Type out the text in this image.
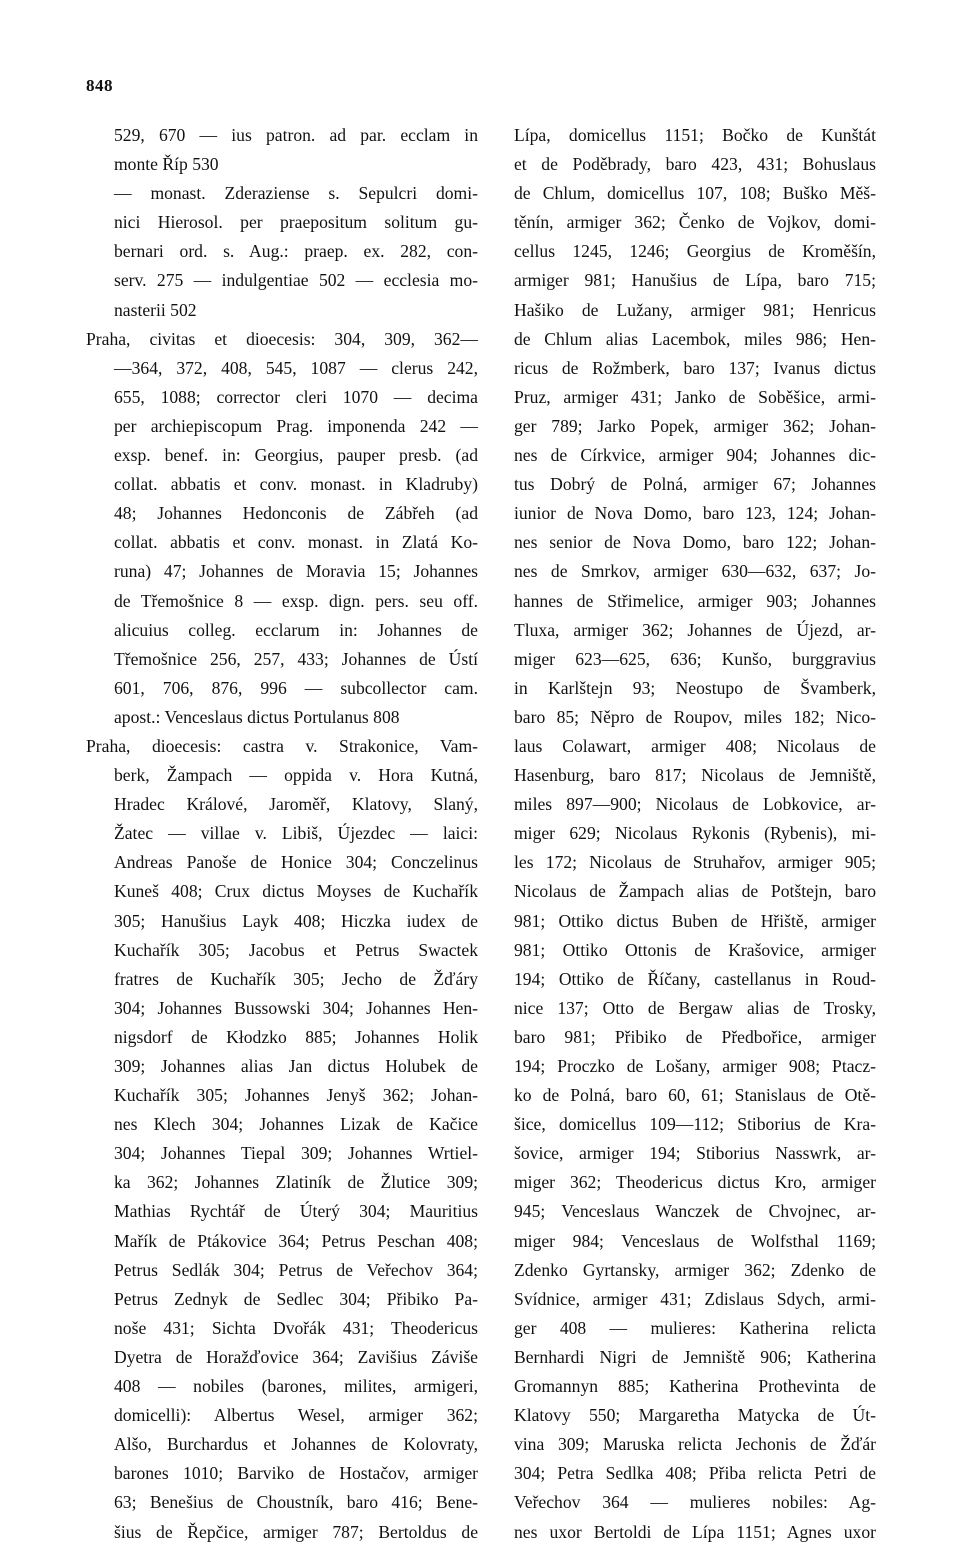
848
529, 670 — ius patron. ad par. ecclam in
monte Říp 530
— monast. Zderaziense s. Sepulcri domi-
nici Hierosol. per praepositum solitum gu-
bernari ord. s. Aug.: praep. ex. 282, con-
serv. 275 — indulgentiae 502 — ecclesia mo-
nasterii 502
Praha, civitas et dioecesis: 304, 309, 362—
—364, 372, 408, 545, 1087 — clerus 242,
655, 1088; corrector cleri 1070 — decima
per archiepiscopum Prag. imponenda 242 —
exsp. benef. in: Georgius, pauper presb. (ad
collat. abbatis et conv. monast. in Kladruby)
48; Johannes Hedonconis de Zábřeh (ad
collat. abbatis et conv. monast. in Zlatá Ko-
runa) 47; Johannes de Moravia 15; Johannes
de Třemošnice 8 — exsp. dign. pers. seu off.
alicuius colleg. ecclarum in: Johannes de
Třemošnice 256, 257, 433; Johannes de Ústí
601, 706, 876, 996 — subcollector cam.
apost.: Venceslaus dictus Portulanus 808
Praha, dioecesis: castra v. Strakonice, Vam-
berk, Žampach — oppida v. Hora Kutná,
Hradec Králové, Jaroměř, Klatovy, Slaný,
Žatec — villae v. Libiš, Újezdec — laici:
Andreas Panoše de Honice 304; Conczelinus
Kuneš 408; Crux dictus Moyses de Kuchařík
305; Hanušius Layk 408; Hiczka iudex de
Kuchařík 305; Jacobus et Petrus Swactek
fratres de Kuchařík 305; Jecho de Žďáry
304; Johannes Bussowski 304; Johannes Hen-
nigsdorf de Kłodzko 885; Johannes Holik
309; Johannes alias Jan dictus Holubek de
Kuchařík 305; Johannes Jenyš 362; Johan-
nes Klech 304; Johannes Lizak de Kačice
304; Johannes Tiepal 309; Johannes Wrtiel-
ka 362; Johannes Zlatiník de Žlutice 309;
Mathias Rychtář de Úterý 304; Mauritius
Mařík de Ptákovice 364; Petrus Peschan 408;
Petrus Sedlák 304; Petrus de Veřechov 364;
Petrus Zednyk de Sedlec 304; Přibiko Pa-
noše 431; Sichta Dvořák 431; Theodericus
Dyetra de Horažďovice 364; Zavišius Záviše
408 — nobiles (barones, milites, armigeri,
domicelli): Albertus Wesel, armiger 362;
Alšo, Burchardus et Johannes de Kolovraty,
barones 1010; Barviko de Hostačov, armiger
63; Benešius de Choustník, baro 416; Bene-
šius de Řepčice, armiger 787; Bertoldus de
Lípa, domicellus 1151; Bočko de Kunštát
et de Poděbrady, baro 423, 431; Bohuslaus
de Chlum, domicellus 107, 108; Buško Měš-
těnín, armiger 362; Čenko de Vojkov, domi-
cellus 1245, 1246; Georgius de Kroměšín,
armiger 981; Hanušius de Lípa, baro 715;
Hašiko de Lužany, armiger 981; Henricus
de Chlum alias Lacembok, miles 986; Hen-
ricus de Rožmberk, baro 137; Ivanus dictus
Pruz, armiger 431; Janko de Soběšice, armi-
ger 789; Jarko Popek, armiger 362; Johan-
nes de Církvice, armiger 904; Johannes dic-
tus Dobrý de Polná, armiger 67; Johannes
iunior de Nova Domo, baro 123, 124; Johan-
nes senior de Nova Domo, baro 122; Johan-
nes de Smrkov, armiger 630—632, 637; Jo-
hannes de Střimelice, armiger 903; Johannes
Tluxa, armiger 362; Johannes de Újezd, ar-
miger 623—625, 636; Kunšo, burggravius
in Karlštejn 93; Neostupo de Švamberk,
baro 85; Něpro de Roupov, miles 182; Nico-
laus Colawart, armiger 408; Nicolaus de
Hasenburg, baro 817; Nicolaus de Jemniště,
miles 897—900; Nicolaus de Lobkovice, ar-
miger 629; Nicolaus Rykonis (Rybenis), mi-
les 172; Nicolaus de Struhařov, armiger 905;
Nicolaus de Žampach alias de Potštejn, baro
981; Ottiko dictus Buben de Hřiště, armiger
981; Ottiko Ottonis de Krašovice, armiger
194; Ottiko de Říčany, castellanus in Roud-
nice 137; Otto de Bergaw alias de Trosky,
baro 981; Přibiko de Předbořice, armiger
194; Proczko de Lošany, armiger 908; Ptacz-
ko de Polná, baro 60, 61; Stanislaus de Otě-
šice, domicellus 109—112; Stiborius de Kra-
šovice, armiger 194; Stiborius Nasswrk, ar-
miger 362; Theodericus dictus Kro, armiger
945; Venceslaus Wanczek de Chvojnec, ar-
miger 984; Venceslaus de Wolfsthal 1169;
Zdenko Gyrtansky, armiger 362; Zdenko de
Svídnice, armiger 431; Zdislaus Sdych, armi-
ger 408 — mulieres: Katherina relicta
Bernhardi Nigri de Jemniště 906; Katherina
Gromannyn 885; Katherina Prothevinta de
Klatovy 550; Margaretha Matycka de Út-
vina 309; Maruska relicta Jechonis de Žďár
304; Petra Sedlka 408; Přiba relicta Petri de
Veřechov 364 — mulieres nobiles: Ag-
nes uxor Bertoldi de Lípa 1151; Agnes uxor
